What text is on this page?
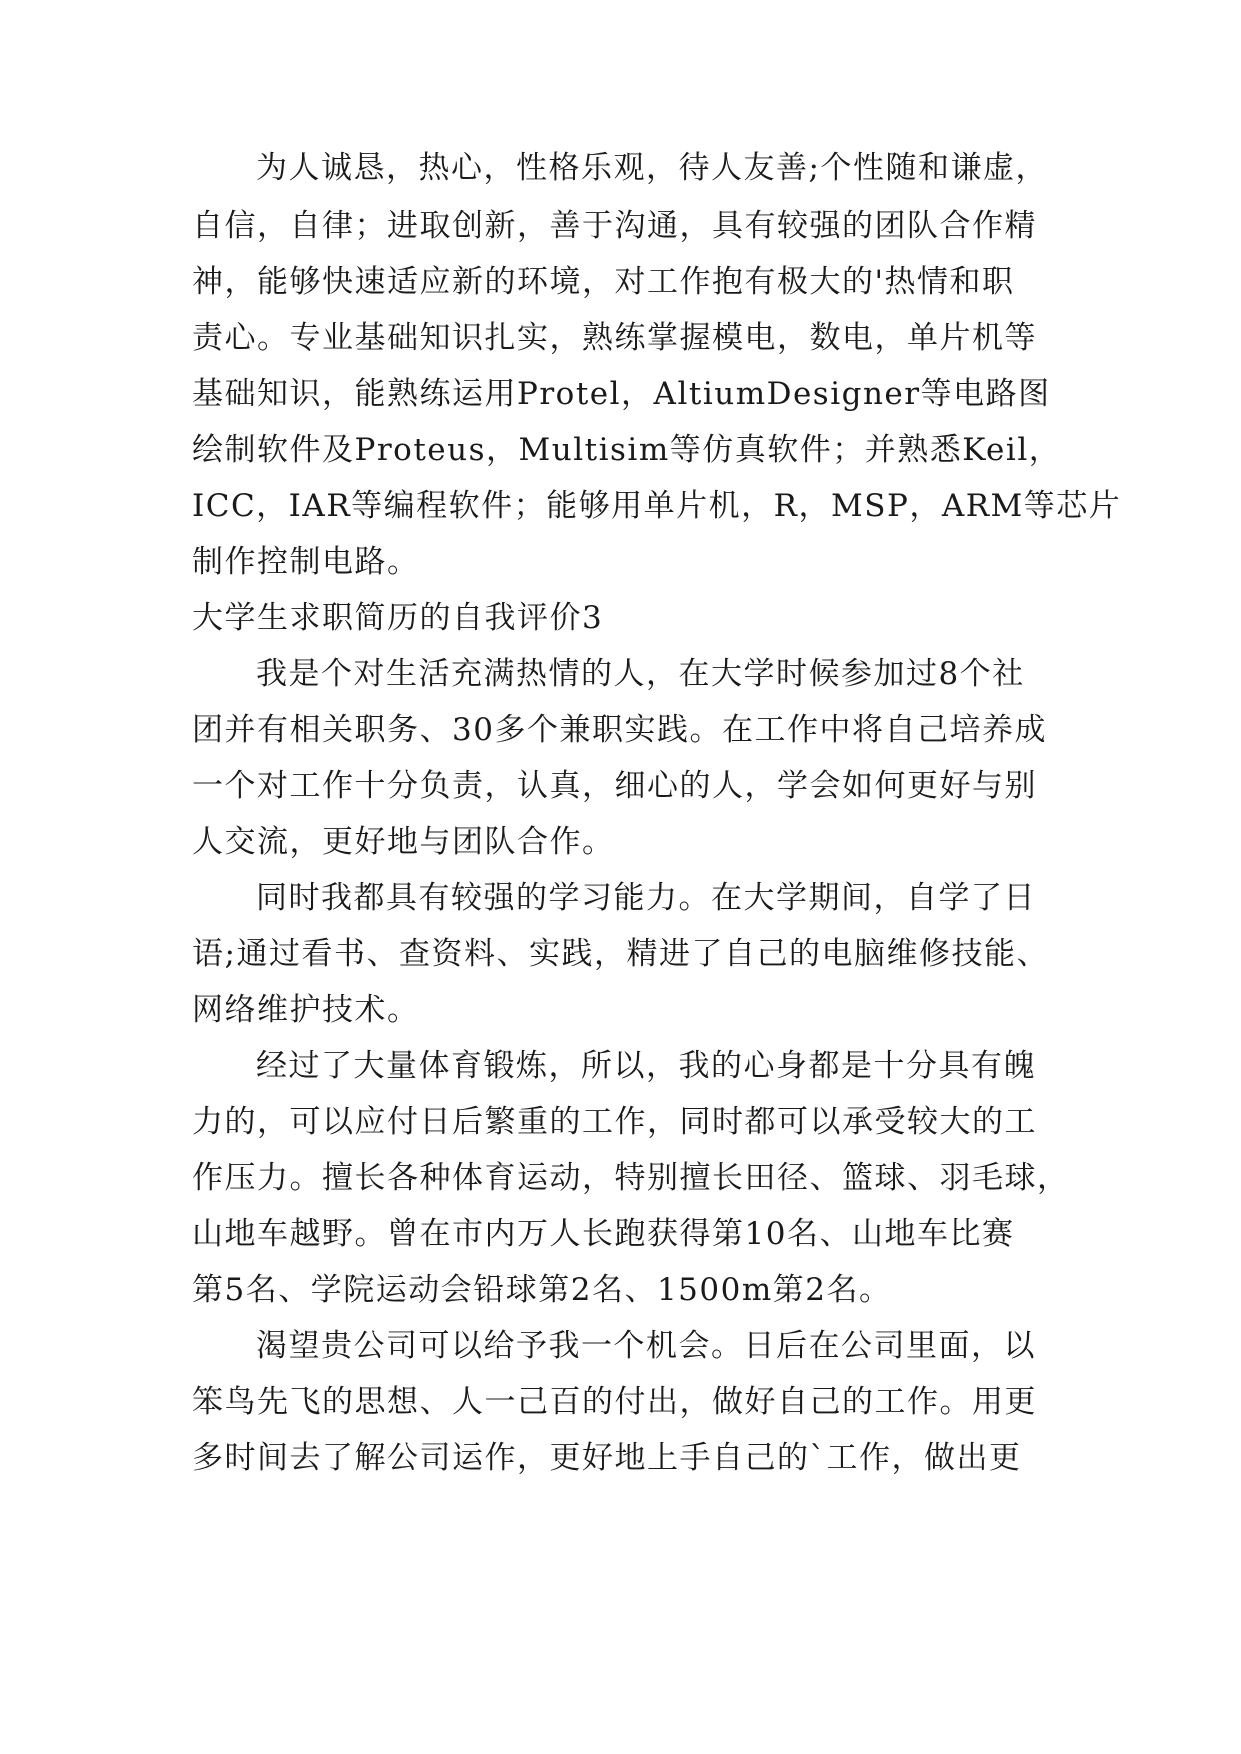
为人诚恳，热心，性格乐观，待人友善;个性随和谦虚，
自信，自律；进取创新，善于沟通，具有较强的团队合作精
神，能够快速适应新的环境，对工作抱有极大的'热情和职
责心。专业基础知识扎实，熟练掌握模电，数电，单片机等
基础知识，能熟练运用Protel，AltiumDesigner等电路图
绘制软件及Proteus，Multisim等仿真软件；并熟悉Keil，
ICC，IAR等编程软件；能够用单片机，R，MSP，ARM等芯片
制作控制电路。
大学生求职简历的自我评价3
我是个对生活充满热情的人，在大学时候参加过8个社
团并有相关职务、30多个兼职实践。在工作中将自己培养成
一个对工作十分负责，认真，细心的人，学会如何更好与别
人交流，更好地与团队合作。
同时我都具有较强的学习能力。在大学期间，自学了日
语;通过看书、查资料、实践，精进了自己的电脑维修技能、
网络维护技术。
经过了大量体育锻炼，所以，我的心身都是十分具有魄
力的，可以应付日后繁重的工作，同时都可以承受较大的工
作压力。擅长各种体育运动，特别擅长田径、篮球、羽毛球，
山地车越野。曾在市内万人长跑获得第10名、山地车比赛
第5名、学院运动会铅球第2名、1500m第2名。
渴望贵公司可以给予我一个机会。日后在公司里面，以
笨鸟先飞的思想、人一己百的付出，做好自己的工作。用更
多时间去了解公司运作，更好地上手自己的`工作，做出更
